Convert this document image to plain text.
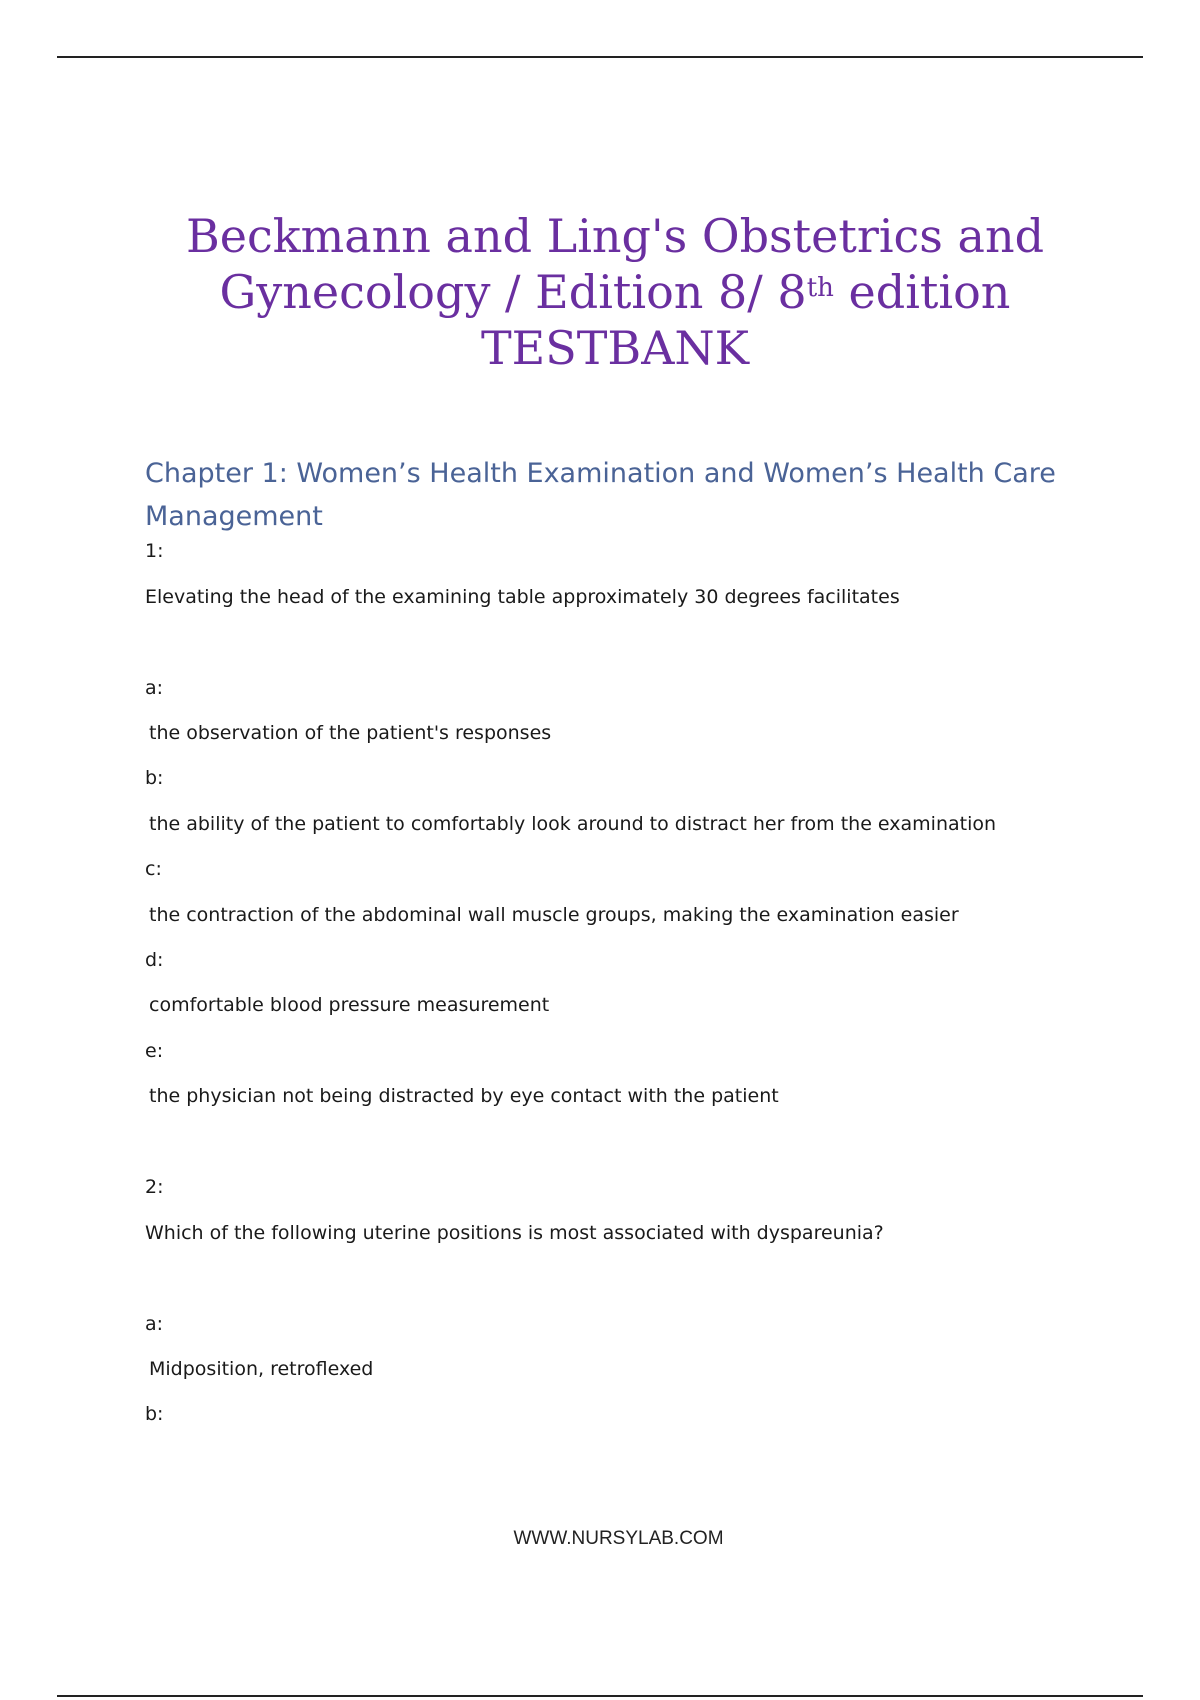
Beckmann and Ling's Obstetrics and
Gynecology / Edition 8/ 8th edition
TESTBANK
Chapter 1: Women’s Health Examination and Women’s Health Care Management
1:
Elevating the head of the examining table approximately 30 degrees facilitates
a:
the observation of the patient's responses
b:
the ability of the patient to comfortably look around to distract her from the examination
c:
the contraction of the abdominal wall muscle groups, making the examination easier
d:
comfortable blood pressure measurement
e:
the physician not being distracted by eye contact with the patient
2:
Which of the following uterine positions is most associated with dyspareunia?
a:
Midposition, retroflexed
b:
WWW.NURSYLAB.COM
